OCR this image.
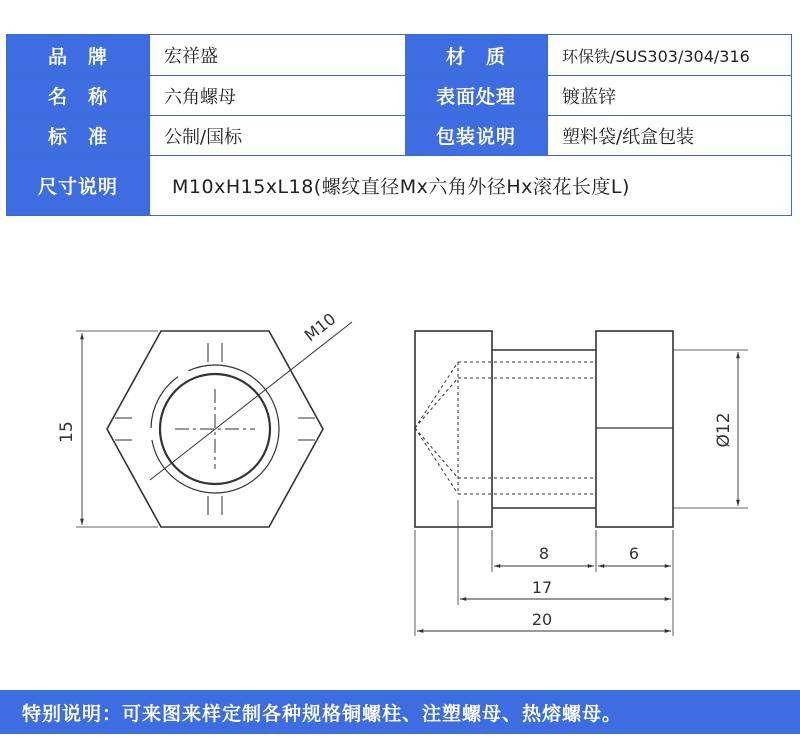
品　牌	宏祥盛	材　质	环保铁/SUS303/304/316
名　称	六角螺母	表面处理	镀蓝锌
标　准	公制/国标	包装说明	塑料袋/纸盒包装
尺寸说明	M10xH15xL18(螺纹直径Mx六角外径Hx滚花长度L)
M10
15	Ø12
8	6
17
20
特别说明：可来图来样定制各种规格铜螺柱、注塑螺母、热熔螺母。
